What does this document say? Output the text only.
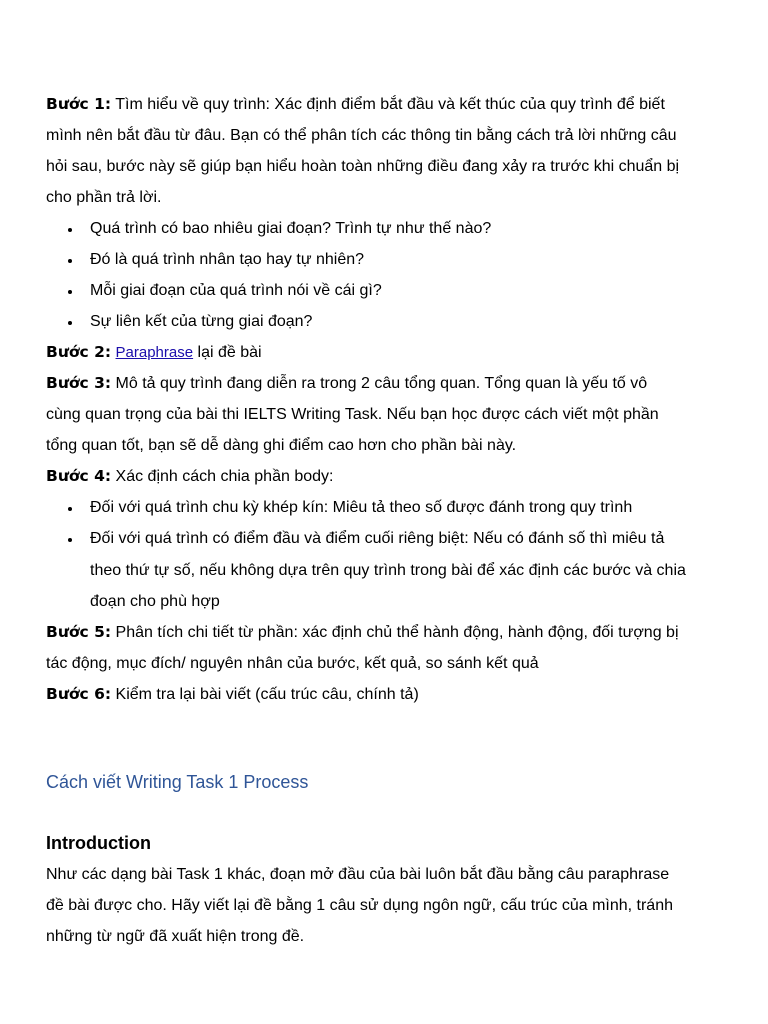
Bước 1: Tìm hiểu về quy trình: Xác định điểm bắt đầu và kết thúc của quy trình để biết

mình nên bắt đầu từ đâu. Bạn có thể phân tích các thông tin bằng cách trả lời những câu

hỏi sau, bước này sẽ giúp bạn hiểu hoàn toàn những điều đang xảy ra trước khi chuẩn bị

cho phần trả lời.

Quá trình có bao nhiêu giai đoạn? Trình tự như thế nào?

Đó là quá trình nhân tạo hay tự nhiên?

Mỗi giai đoạn của quá trình nói về cái gì?

Sự liên kết của từng giai đoạn?

Bước 2: Paraphrase lại đề bài

Bước 3: Mô tả quy trình đang diễn ra trong 2 câu tổng quan. Tổng quan là yếu tố vô

cùng quan trọng của bài thi IELTS Writing Task. Nếu bạn học được cách viết một phần

tổng quan tốt, bạn sẽ dễ dàng ghi điểm cao hơn cho phần bài này.

Bước 4: Xác định cách chia phần body:

Đối với quá trình chu kỳ khép kín: Miêu tả theo số được đánh trong quy trình

Đối với quá trình có điểm đầu và điểm cuối riêng biệt: Nếu có đánh số thì miêu tả

theo thứ tự số, nếu không dựa trên quy trình trong bài để xác định các bước và chia

đoạn cho phù hợp

Bước 5: Phân tích chi tiết từ phần: xác định chủ thể hành động, hành động, đối tượng bị

tác động, mục đích/ nguyên nhân của bước, kết quả, so sánh kết quả

Bước 6: Kiểm tra lại bài viết (cấu trúc câu, chính tả)

Cách viết Writing Task 1 Process
Introduction

Như các dạng bài Task 1 khác, đoạn mở đầu của bài luôn bắt đầu bằng câu paraphrase

đề bài được cho. Hãy viết lại đề bằng 1 câu sử dụng ngôn ngữ, cấu trúc của mình, tránh

những từ ngữ đã xuất hiện trong đề.
